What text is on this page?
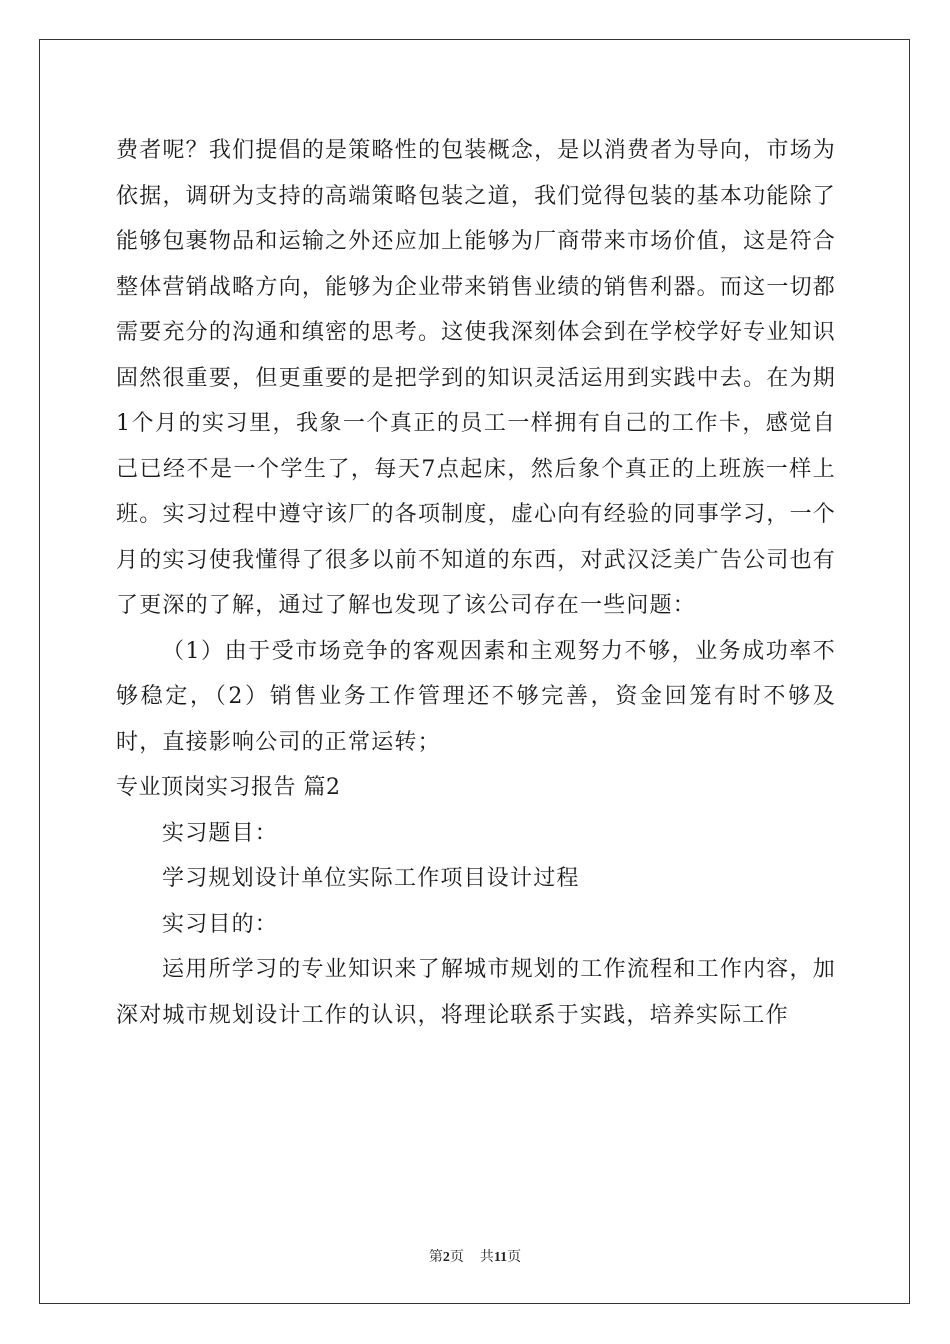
费者呢？我们提倡的是策略性的包装概念，是以消费者为导向，市场为依据，调研为支持的高端策略包装之道，我们觉得包装的基本功能除了能够包裹物品和运输之外还应加上能够为厂商带来市场价值，这是符合整体营销战略方向，能够为企业带来销售业绩的销售利器。而这一切都需要充分的沟通和缜密的思考。这使我深刻体会到在学校学好专业知识固然很重要，但更重要的是把学到的知识灵活运用到实践中去。在为期1个月的实习里，我象一个真正的员工一样拥有自己的工作卡，感觉自己已经不是一个学生了，每天7点起床，然后象个真正的上班族一样上班。实习过程中遵守该厂的各项制度，虚心向有经验的同事学习，一个月的实习使我懂得了很多以前不知道的东西，对武汉泛美广告公司也有了更深的了解，通过了解也发现了该公司存在一些问题：

（1）由于受市场竞争的客观因素和主观努力不够，业务成功率不够稳定，（2）销售业务工作管理还不够完善，资金回笼有时不够及时，直接影响公司的正常运转；

专业顶岗实习报告 篇2

实习题目：

学习规划设计单位实际工作项目设计过程

实习目的：

运用所学习的专业知识来了解城市规划的工作流程和工作内容，加深对城市规划设计工作的认识，将理论联系于实践，培养实际工作

第2页 共11页
